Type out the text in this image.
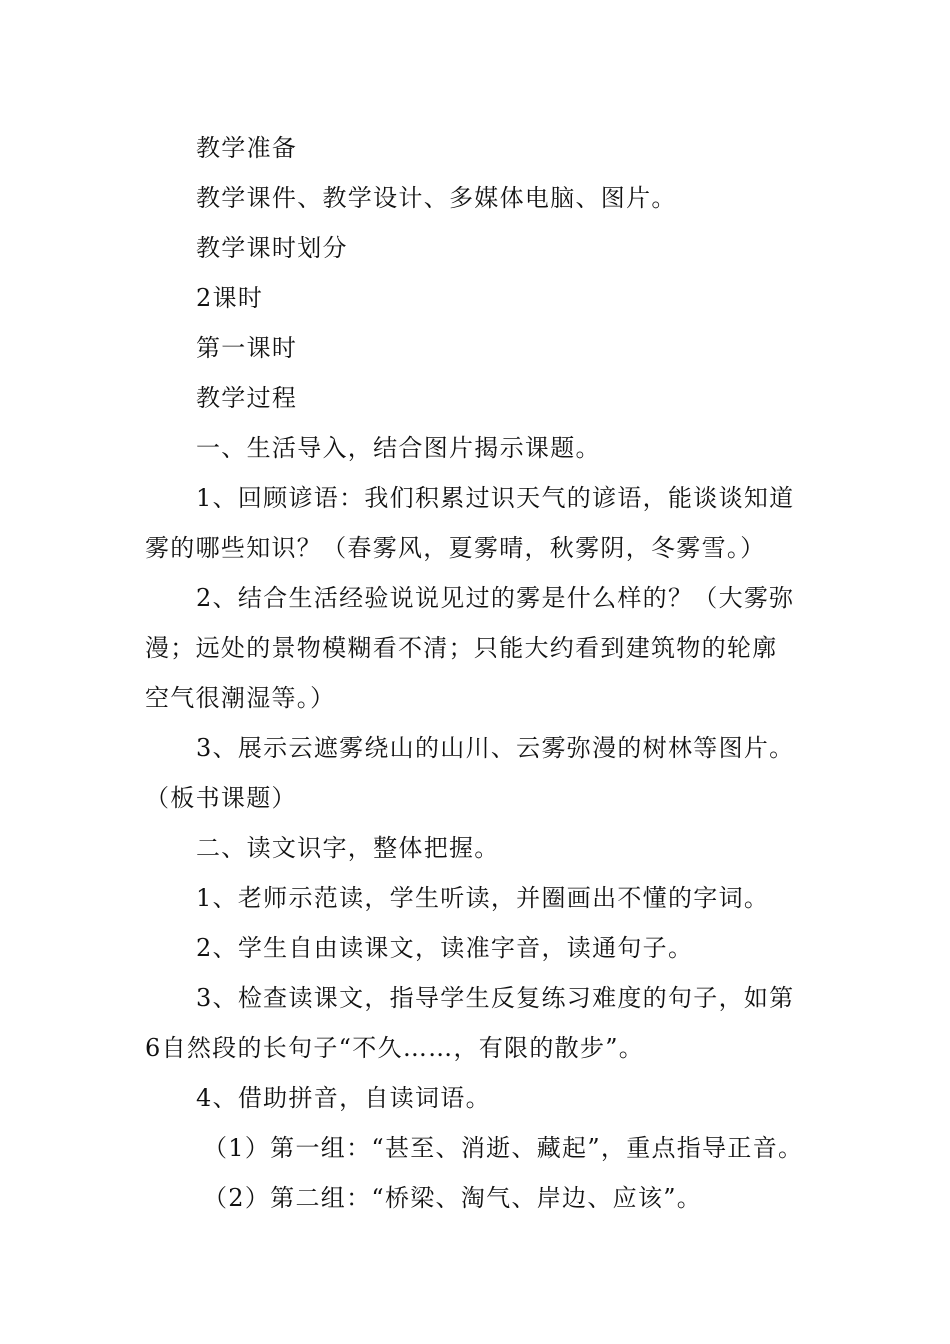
教学准备
教学课件、教学设计、多媒体电脑、图片。
教学课时划分
2课时
第一课时
教学过程
一、生活导入，结合图片揭示课题。
1、回顾谚语：我们积累过识天气的谚语，能谈谈知道
雾的哪些知识？（春雾风，夏雾晴，秋雾阴，冬雾雪。）
2、结合生活经验说说见过的雾是什么样的？（大雾弥
漫；远处的景物模糊看不清；只能大约看到建筑物的轮廓
空气很潮湿等。）
3、展示云遮雾绕山的山川、云雾弥漫的树林等图片。
（板书课题）
二、读文识字，整体把握。
1、老师示范读，学生听读，并圈画出不懂的字词。
2、学生自由读课文，读准字音，读通句子。
3、检查读课文，指导学生反复练习难度的句子，如第
6自然段的长句子“不久……，有限的散步”。
4、借助拼音，自读词语。
（1）第一组：“甚至、消逝、藏起”，重点指导正音。
（2）第二组：“桥梁、淘气、岸边、应该”。
